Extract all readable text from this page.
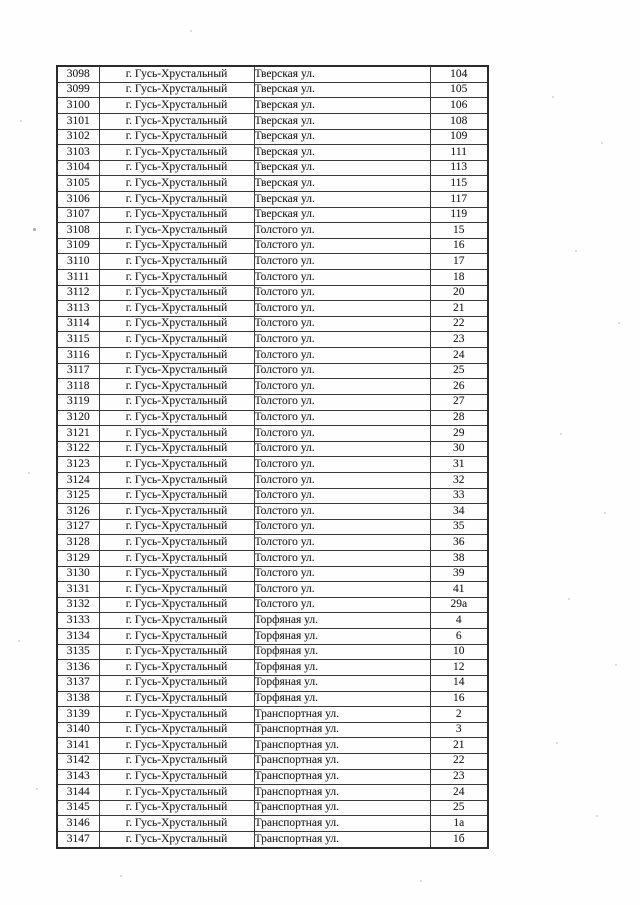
3098	г. Гусь-Хрустальный	Тверская ул.	104
3099	г. Гусь-Хрустальный	Тверская ул.	105
3100	г. Гусь-Хрустальный	Тверская ул.	106
3101	г. Гусь-Хрустальный	Тверская ул.	108
3102	г. Гусь-Хрустальный	Тверская ул.	109
3103	г. Гусь-Хрустальный	Тверская ул.	111
3104	г. Гусь-Хрустальный	Тверская ул.	113
3105	г. Гусь-Хрустальный	Тверская ул.	115
3106	г. Гусь-Хрустальный	Тверская ул.	117
3107	г. Гусь-Хрустальный	Тверская ул.	119
3108	г. Гусь-Хрустальный	Толстого ул.	15
3109	г. Гусь-Хрустальный	Толстого ул.	16
3110	г. Гусь-Хрустальный	Толстого ул.	17
3111	г. Гусь-Хрустальный	Толстого ул.	18
3112	г. Гусь-Хрустальный	Толстого ул.	20
3113	г. Гусь-Хрустальный	Толстого ул.	21
3114	г. Гусь-Хрустальный	Толстого ул.	22
3115	г. Гусь-Хрустальный	Толстого ул.	23
3116	г. Гусь-Хрустальный	Толстого ул.	24
3117	г. Гусь-Хрустальный	Толстого ул.	25
3118	г. Гусь-Хрустальный	Толстого ул.	26
3119	г. Гусь-Хрустальный	Толстого ул.	27
3120	г. Гусь-Хрустальный	Толстого ул.	28
3121	г. Гусь-Хрустальный	Толстого ул.	29
3122	г. Гусь-Хрустальный	Толстого ул.	30
3123	г. Гусь-Хрустальный	Толстого ул.	31
3124	г. Гусь-Хрустальный	Толстого ул.	32
3125	г. Гусь-Хрустальный	Толстого ул.	33
3126	г. Гусь-Хрустальный	Толстого ул.	34
3127	г. Гусь-Хрустальный	Толстого ул.	35
3128	г. Гусь-Хрустальный	Толстого ул.	36
3129	г. Гусь-Хрустальный	Толстого ул.	38
3130	г. Гусь-Хрустальный	Толстого ул.	39
3131	г. Гусь-Хрустальный	Толстого ул.	41
3132	г. Гусь-Хрустальный	Толстого ул.	29а
3133	г. Гусь-Хрустальный	Торфяная ул.	4
3134	г. Гусь-Хрустальный	Торфяная ул.	6
3135	г. Гусь-Хрустальный	Торфяная ул.	10
3136	г. Гусь-Хрустальный	Торфяная ул.	12
3137	г. Гусь-Хрустальный	Торфяная ул.	14
3138	г. Гусь-Хрустальный	Торфяная ул.	16
3139	г. Гусь-Хрустальный	Транспортная ул.	2
3140	г. Гусь-Хрустальный	Транспортная ул.	3
3141	г. Гусь-Хрустальный	Транспортная ул.	21
3142	г. Гусь-Хрустальный	Транспортная ул.	22
3143	г. Гусь-Хрустальный	Транспортная ул.	23
3144	г. Гусь-Хрустальный	Транспортная ул.	24
3145	г. Гусь-Хрустальный	Транспортная ул.	25
3146	г. Гусь-Хрустальный	Транспортная ул.	1а
3147	г. Гусь-Хрустальный	Транспортная ул.	1б
